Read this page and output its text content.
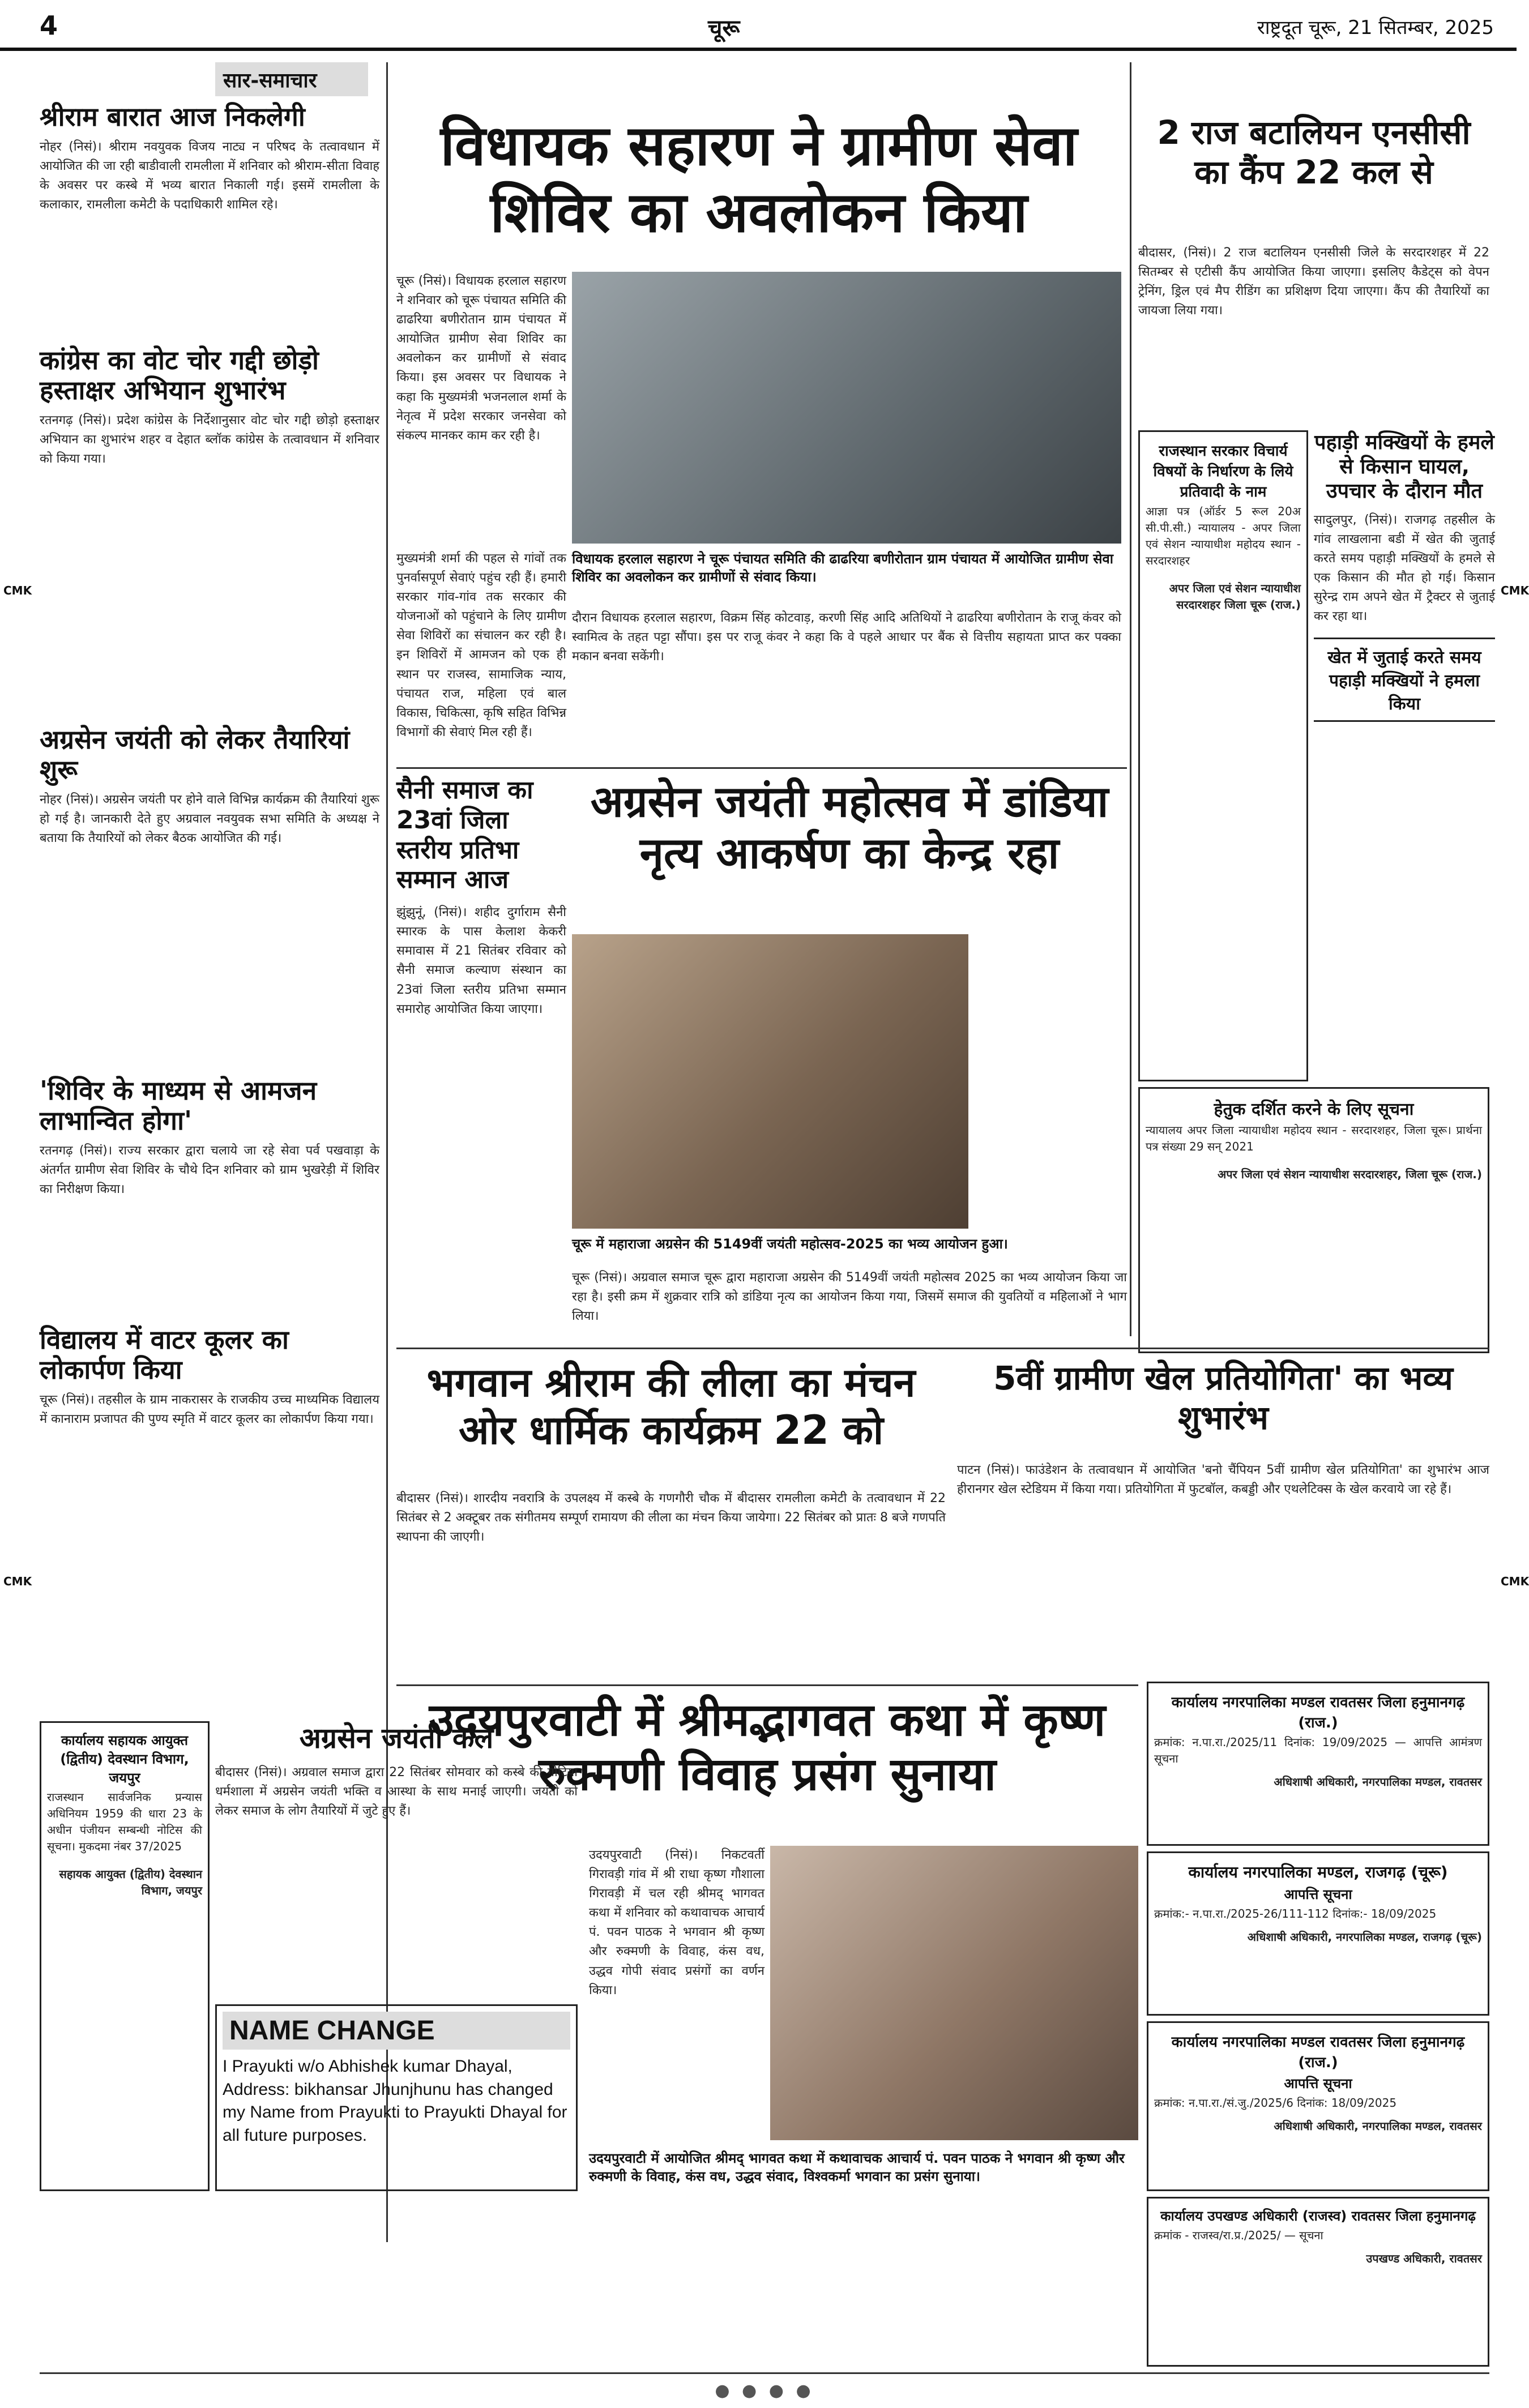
4	चूरू	राष्ट्रदूत चूरू, 21 सितम्बर, 2025
CMK
CMK
CMK
CMK
सार-समाचार
श्रीराम बारात आज निकलेगी

नोहर (निसं)। श्रीराम नवयुवक विजय नाट्य न परिषद के तत्वावधान में आयोजित की जा रही बाडीवाली रामलीला में शनिवार को श्रीराम-सीता विवाह के अवसर पर कस्बे में भव्य बारात निकाली गई। इसमें रामलीला के कलाकार, रामलीला कमेटी के पदाधिकारी शामिल रहे।

कांग्रेस का वोट चोर गद्दी छोड़ो हस्ताक्षर अभियान शुभारंभ

रतनगढ़ (निसं)। प्रदेश कांग्रेस के निर्देशानुसार वोट चोर गद्दी छोड़ो हस्ताक्षर अभियान का शुभारंभ शहर व देहात ब्लॉक कांग्रेस के तत्वावधान में शनिवार को किया गया।

अग्रसेन जयंती को लेकर तैयारियां शुरू

नोहर (निसं)। अग्रसेन जयंती पर होने वाले विभिन्न कार्यक्रम की तैयारियां शुरू हो गई है। जानकारी देते हुए अग्रवाल नवयुवक सभा समिति के अध्यक्ष ने बताया कि तैयारियों को लेकर बैठक आयोजित की गई।

'शिविर के माध्यम से आमजन लाभान्वित होगा'

रतनगढ़ (निसं)। राज्य सरकार द्वारा चलाये जा रहे सेवा पर्व पखवाड़ा के अंतर्गत ग्रामीण सेवा शिविर के चौथे दिन शनिवार को ग्राम भुखरेड़ी में शिविर का निरीक्षण किया।

विद्यालय में वाटर कूलर का लोकार्पण किया

चूरू (निसं)। तहसील के ग्राम नाकरासर के राजकीय उच्च माध्यमिक विद्यालय में कानाराम प्रजापत की पुण्य स्मृति में वाटर कूलर का लोकार्पण किया गया।

विधायक सहारण ने ग्रामीण सेवा शिविर का अवलोकन किया

चूरू (निसं)। विधायक हरलाल सहारण ने शनिवार को चूरू पंचायत समिति की ढाढरिया बणीरोतान ग्राम पंचायत में आयोजित ग्रामीण सेवा शिविर का अवलोकन कर ग्रामीणों से संवाद किया। इस अवसर पर विधायक ने कहा कि मुख्यमंत्री भजनलाल शर्मा के नेतृत्व में प्रदेश सरकार जनसेवा को संकल्प मानकर काम कर रही है।

विधायक हरलाल सहारण ने चूरू पंचायत समिति की ढाढरिया बणीरोतान ग्राम पंचायत में आयोजित ग्रामीण सेवा शिविर का अवलोकन कर ग्रामीणों से संवाद किया।

मुख्यमंत्री शर्मा की पहल से गांवों तक पुनर्वासपूर्ण सेवाएं पहुंच रही हैं। हमारी सरकार गांव-गांव तक सरकार की योजनाओं को पहुंचाने के लिए ग्रामीण सेवा शिविरों का संचालन कर रही है। इन शिविरों में आमजन को एक ही स्थान पर राजस्व, सामाजिक न्याय, पंचायत राज, महिला एवं बाल विकास, चिकित्सा, कृषि सहित विभिन्न विभागों की सेवाएं मिल रही हैं।

दौरान विधायक हरलाल सहारण, विक्रम सिंह कोटवाड़, करणी सिंह आदि अतिथियों ने ढाढरिया बणीरोतान के राजू कंवर को स्वामित्व के तहत पट्टा सौंपा। इस पर राजू कंवर ने कहा कि वे पहले आधार पर बैंक से वित्तीय सहायता प्राप्त कर पक्का मकान बनवा सकेंगी।

2 राज बटालियन एनसीसी का कैंप 22 कल से

बीदासर, (निसं)। 2 राज बटालियन एनसीसी जिले के सरदारशहर में 22 सितम्बर से एटीसी कैंप आयोजित किया जाएगा। इसलिए कैडेट्स को वेपन ट्रेनिंग, ड्रिल एवं मैप रीडिंग का प्रशिक्षण दिया जाएगा। कैंप की तैयारियों का जायजा लिया गया।

राजस्थान सरकार विचार्य विषयों के निर्धारण के लिये प्रतिवादी के नाम

आज्ञा पत्र (ऑर्डर 5 रूल 20अ सी.पी.सी.) न्यायालय - अपर जिला एवं सेशन न्यायाधीश महोदय स्थान - सरदारशहर

अपर जिला एवं सेशन न्यायाधीश सरदारशहर जिला चूरू (राज.)

पहाड़ी मक्खियों के हमले से किसान घायल, उपचार के दौरान मौत

सादुलपुर, (निसं)। राजगढ़ तहसील के गांव लाखलाना बडी में खेत की जुताई करते समय पहाड़ी मक्खियों के हमले से एक किसान की मौत हो गई। किसान सुरेन्द्र राम अपने खेत में ट्रैक्टर से जुताई कर रहा था।

खेत में जुताई करते समय पहाड़ी मक्खियों ने हमला किया

हेतुक दर्शित करने के लिए सूचना

न्यायालय अपर जिला न्यायाधीश महोदय स्थान - सरदारशहर, जिला चूरू। प्रार्थना पत्र संख्या 29 सन् 2021

अपर जिला एवं सेशन न्यायाधीश सरदारशहर, जिला चूरू (राज.)

सैनी समाज का 23वां जिला स्तरीय प्रतिभा सम्मान आज

झुंझुनूं, (निसं)। शहीद दुर्गाराम सैनी स्मारक के पास केलाश केकरी समावास में 21 सितंबर रविवार को सैनी समाज कल्याण संस्थान का 23वां जिला स्तरीय प्रतिभा सम्मान समारोह आयोजित किया जाएगा।

अग्रसेन जयंती महोत्सव में डांडिया नृत्य आकर्षण का केन्द्र रहा

चूरू में महाराजा अग्रसेन की 5149वीं जयंती महोत्सव-2025 का भव्य आयोजन हुआ।

चूरू (निसं)। अग्रवाल समाज चूरू द्वारा महाराजा अग्रसेन की 5149वीं जयंती महोत्सव 2025 का भव्य आयोजन किया जा रहा है। इसी क्रम में शुक्रवार रात्रि को डांडिया नृत्य का आयोजन किया गया, जिसमें समाज की युवतियों व महिलाओं ने भाग लिया।

भगवान श्रीराम की लीला का मंचन ओर धार्मिक कार्यक्रम 22 को

बीदासर (निसं)। शारदीय नवरात्रि के उपलक्ष्य में कस्बे के गणगौरी चौक में बीदासर रामलीला कमेटी के तत्वावधान में 22 सितंबर से 2 अक्टूबर तक संगीतमय सम्पूर्ण रामायण की लीला का मंचन किया जायेगा। 22 सितंबर को प्रातः 8 बजे गणपति स्थापना की जाएगी।

5वीं ग्रामीण खेल प्रतियोगिता' का भव्य शुभारंभ

पाटन (निसं)। फाउंडेशन के तत्वावधान में आयोजित 'बनो चैंपियन 5वीं ग्रामीण खेल प्रतियोगिता' का शुभारंभ आज हीरानगर खेल स्टेडियम में किया गया। प्रतियोगिता में फुटबॉल, कबड्डी और एथलेटिक्स के खेल करवाये जा रहे हैं।

उदयपुरवाटी में श्रीमद्भागवत कथा में कृष्ण रुक्मणी विवाह प्रसंग सुनाया

उदयपुरवाटी (निसं)। निकटवर्ती गिरावड़ी गांव में श्री राधा कृष्ण गौशाला गिरावड़ी में चल रही श्रीमद् भागवत कथा में शनिवार को कथावाचक आचार्य पं. पवन पाठक ने भगवान श्री कृष्ण और रुक्मणी के विवाह, कंस वध, उद्धव गोपी संवाद प्रसंगों का वर्णन किया।

उदयपुरवाटी में आयोजित श्रीमद् भागवत कथा में कथावाचक आचार्य पं. पवन पाठक ने भगवान श्री कृष्ण और रुक्मणी के विवाह, कंस वध, उद्धव संवाद, विश्वकर्मा भगवान का प्रसंग सुनाया।

अग्रसेन जयंती कल

बीदासर (निसं)। अग्रवाल समाज द्वारा 22 सितंबर सोमवार को कस्बे की गोटिया धर्मशाला में अग्रसेन जयंती भक्ति व आस्था के साथ मनाई जाएगी। जयंती को लेकर समाज के लोग तैयारियों में जुटे हुए हैं।

NAME CHANGE

I Prayukti w/o Abhishek kumar Dhayal, Address: bikhansar Jhunjhunu has changed my Name from Prayukti to Prayukti Dhayal for all future purposes.

कार्यालय सहायक आयुक्त (द्वितीय) देवस्थान विभाग, जयपुर

राजस्थान सार्वजनिक प्रन्यास अधिनियम 1959 की धारा 23 के अधीन पंजीयन सम्बन्धी नोटिस की सूचना। मुकदमा नंबर 37/2025

सहायक आयुक्त (द्वितीय) देवस्थान विभाग, जयपुर

कार्यालय नगरपालिका मण्डल रावतसर जिला हनुमानगढ़ (राज.)

क्रमांक: न.पा.रा./2025/11 दिनांक: 19/09/2025 — आपत्ति आमंत्रण सूचना

अधिशाषी अधिकारी, नगरपालिका मण्डल, रावतसर

कार्यालय नगरपालिका मण्डल, राजगढ़ (चूरू)
आपत्ति सूचना

क्रमांक:- न.पा.रा./2025-26/111-112 दिनांक:- 18/09/2025

अधिशाषी अधिकारी, नगरपालिका मण्डल, राजगढ़ (चूरू)

कार्यालय नगरपालिका मण्डल रावतसर जिला हनुमानगढ़ (राज.)
आपत्ति सूचना

क्रमांक: न.पा.रा./सं.जु./2025/6 दिनांक: 18/09/2025

अधिशाषी अधिकारी, नगरपालिका मण्डल, रावतसर

कार्यालय उपखण्ड अधिकारी (राजस्व) रावतसर जिला हनुमानगढ़

क्रमांक - राजस्व/रा.प्र./2025/ — सूचना

उपखण्ड अधिकारी, रावतसर

● ● ● ●
